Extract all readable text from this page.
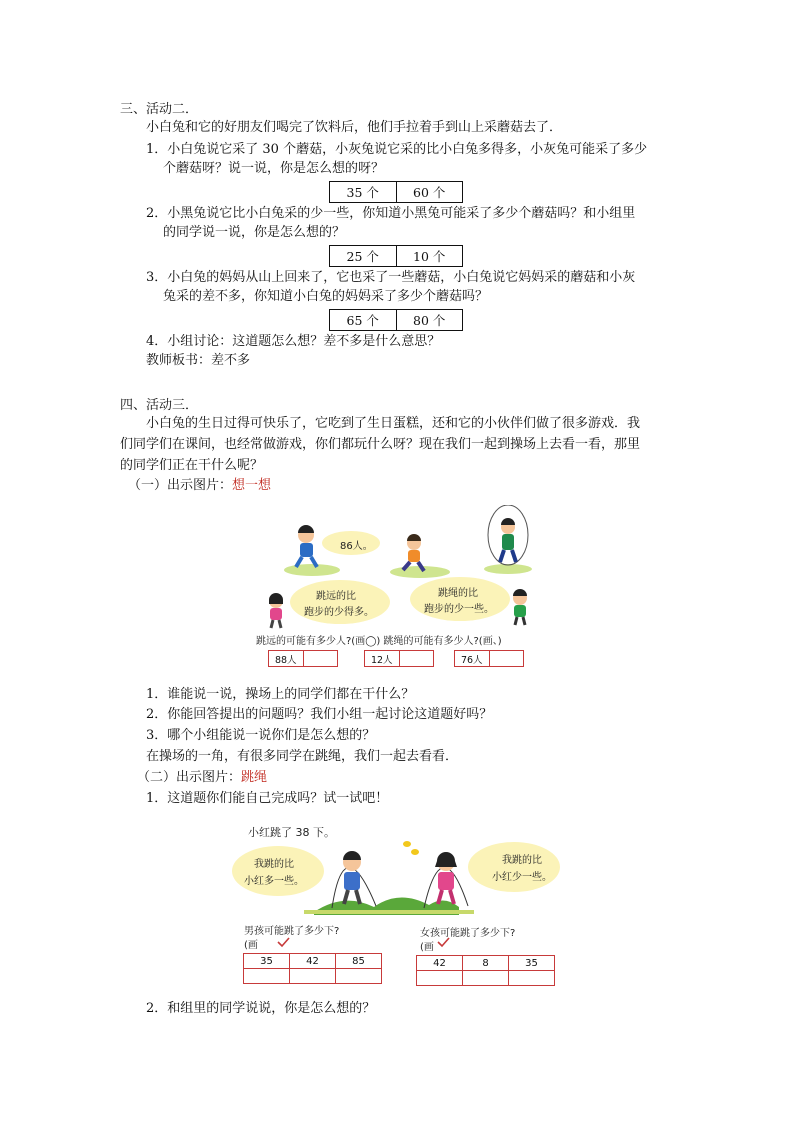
三、活动二．
小白兔和它的好朋友们喝完了饮料后，他们手拉着手到山上采蘑菇去了．
1．小白兔说它采了 30 个蘑菇，小灰兔说它采的比小白兔多得多，小灰兔可能采了多少
个蘑菇呀？说一说，你是怎么想的呀？
35 个	60 个
2．小黑兔说它比小白兔采的少一些，你知道小黑兔可能采了多少个蘑菇吗？和小组里
的同学说一说，你是怎么想的？
25 个	10 个
3．小白兔的妈妈从山上回来了，它也采了一些蘑菇，小白兔说它妈妈采的蘑菇和小灰
兔采的差不多，你知道小白兔的妈妈采了多少个蘑菇吗？
65 个	80 个
4．小组讨论：这道题怎么想？差不多是什么意思？
教师板书：差不多
四、活动三．
小白兔的生日过得可快乐了，它吃到了生日蛋糕，还和它的小伙伴们做了很多游戏．我
们同学们在课间，也经常做游戏，你们都玩什么呀？现在我们一起到操场上去看一看，那里
的同学们正在干什么呢？
（一）出示图片：想一想
86人。
跳远的比
跑步的少得多。
跳绳的比
跑步的少一些。
跳远的可能有多少人?(画◯) 跳绳的可能有多少人?(画、)
88人	12人	76人
1．谁能说一说，操场上的同学们都在干什么？
2．你能回答提出的问题吗？我们小组一起讨论这道题好吗？
3．哪个小组能说一说你们是怎么想的？
在操场的一角，有很多同学在跳绳，我们一起去看看．
（二）出示图片：跳绳
1．这道题你们能自己完成吗？试一试吧！
小红跳了 38 下。
我跳的比
小红多一些。
我跳的比
小红少一些。
男孩可能跳了多少下?
(画
女孩可能跳了多少下?
(画
35	42	85	42	8	35
2．和组里的同学说说，你是怎么想的？
